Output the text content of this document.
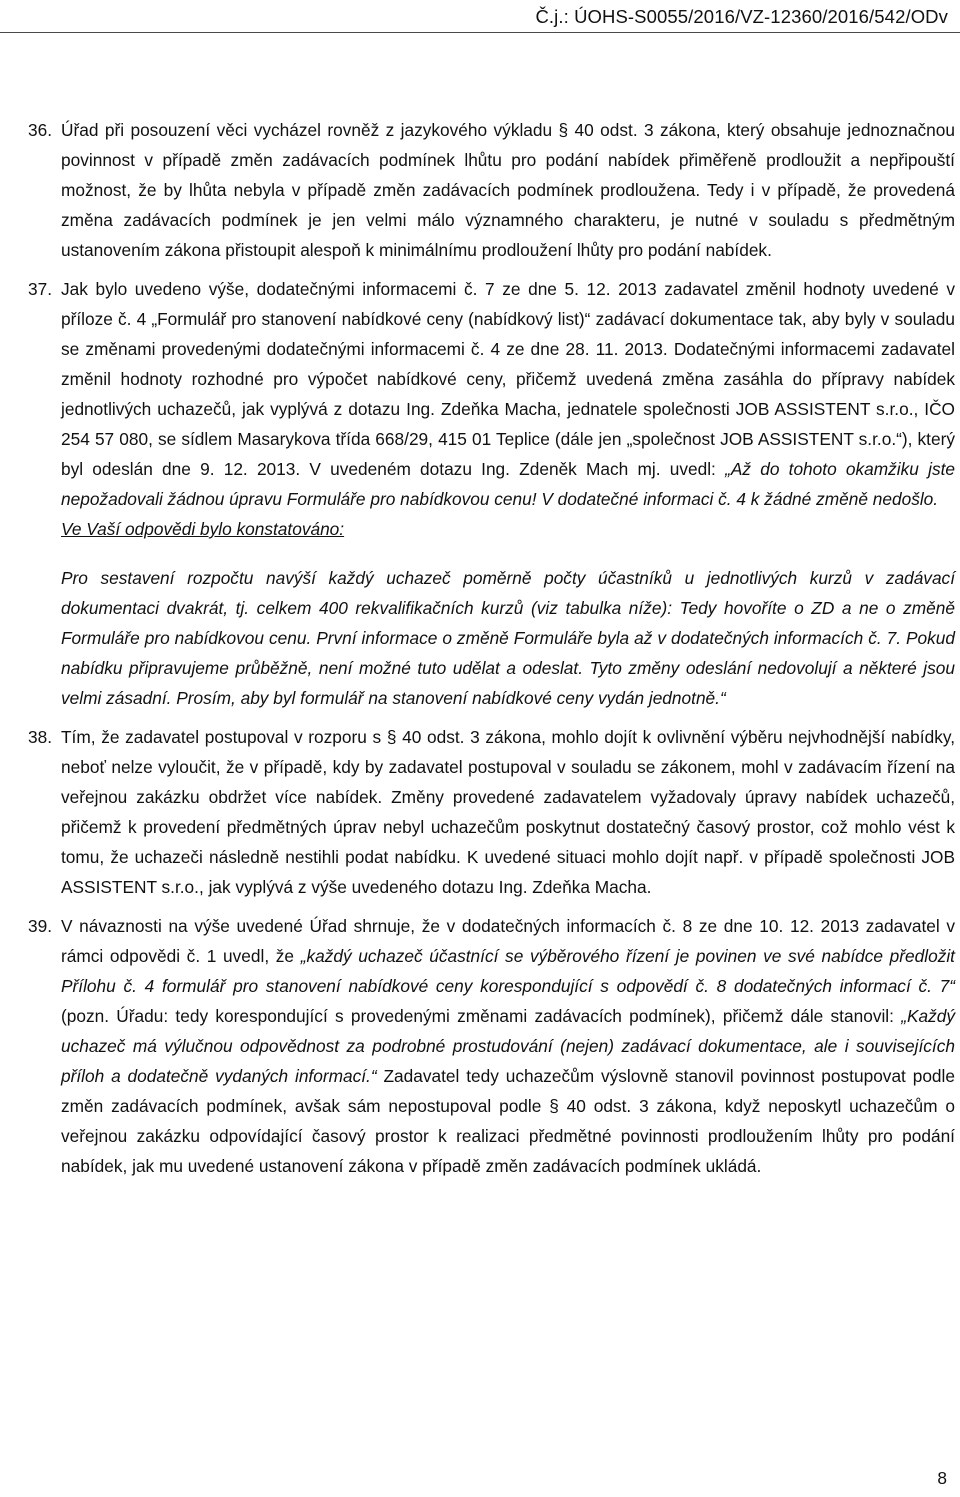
Č.j.: ÚOHS-S0055/2016/VZ-12360/2016/542/ODv
36. Úřad při posouzení věci vycházel rovněž z jazykového výkladu § 40 odst. 3 zákona, který obsahuje jednoznačnou povinnost v případě změn zadávacích podmínek lhůtu pro podání nabídek přiměřeně prodloužit a nepřipouští možnost, že by lhůta nebyla v případě změn zadávacích podmínek prodloužena. Tedy i v případě, že provedená změna zadávacích podmínek je jen velmi málo významného charakteru, je nutné v souladu s předmětným ustanovením zákona přistoupit alespoň k minimálnímu prodloužení lhůty pro podání nabídek.
37. Jak bylo uvedeno výše, dodatečnými informacemi č. 7 ze dne 5. 12. 2013 zadavatel změnil hodnoty uvedené v příloze č. 4 „Formulář pro stanovení nabídkové ceny (nabídkový list)“ zadávací dokumentace tak, aby byly v souladu se změnami provedenými dodatečnými informacemi č. 4 ze dne 28. 11. 2013. Dodatečnými informacemi zadavatel změnil hodnoty rozhodné pro výpočet nabídkové ceny, přičemž uvedená změna zasáhla do přípravy nabídek jednotlivých uchazečů, jak vyplývá z dotazu Ing. Zdeňka Macha, jednatele společnosti JOB ASSISTENT s.r.o., IČO 254 57 080, se sídlem Masarykova třída 668/29, 415 01 Teplice (dále jen „společnost JOB ASSISTENT s.r.o.“), který byl odeslán dne 9. 12. 2013. V uvedeném dotazu Ing. Zdeněk Mach mj. uvedl: „Až do tohoto okamžiku jste nepožadovali žádnou úpravu Formuláře pro nabídkovou cenu! V dodatečné informaci č. 4 k žádné změně nedošlo.
Ve Vaší odpovědi bylo konstatováno:
Pro sestavení rozpočtu navýší každý uchazeč poměrně počty účastníků u jednotlivých kurzů v zadávací dokumentaci dvakrát, tj. celkem 400 rekvalifikačních kurzů (viz tabulka níže): Tedy hovoříte o ZD a ne o změně Formuláře pro nabídkovou cenu. První informace o změně Formuláře byla až v dodatečných informacích č. 7. Pokud nabídku připravujeme průběžně, není možné tuto udělat a odeslat. Tyto změny odeslání nedovolují a některé jsou velmi zásadní. Prosím, aby byl formulář na stanovení nabídkové ceny vydán jednotně.“
38. Tím, že zadavatel postupoval v rozporu s § 40 odst. 3 zákona, mohlo dojít k ovlivnění výběru nejvhodnější nabídky, neboť nelze vyloučit, že v případě, kdy by zadavatel postupoval v souladu se zákonem, mohl v zadávacím řízení na veřejnou zakázku obdržet více nabídek. Změny provedené zadavatelem vyžadovaly úpravy nabídek uchazečů, přičemž k provedení předmětných úprav nebyl uchazečům poskytnut dostatečný časový prostor, což mohlo vést k tomu, že uchazeči následně nestihli podat nabídku. K uvedené situaci mohlo dojít např. v případě společnosti JOB ASSISTENT s.r.o., jak vyplývá z výše uvedeného dotazu Ing. Zdeňka Macha.
39. V návaznosti na výše uvedené Úřad shrnuje, že v dodatečných informacích č. 8 ze dne 10. 12. 2013 zadavatel v rámci odpovědi č. 1 uvedl, že „každý uchazeč účastnící se výběrového řízení je povinen ve své nabídce předložit Přílohu č. 4 formulář pro stanovení nabídkové ceny korespondující s odpovědí č. 8 dodatečných informací č. 7“ (pozn. Úřadu: tedy korespondující s provedenými změnami zadávacích podmínek), přičemž dále stanovil: „Každý uchazeč má výlučnou odpovědnost za podrobné prostudování (nejen) zadávací dokumentace, ale i souvisejících příloh a dodatečně vydaných informací.“ Zadavatel tedy uchazečům výslovně stanovil povinnost postupovat podle změn zadávacích podmínek, avšak sám nepostupoval podle § 40 odst. 3 zákona, když neposkytl uchazečům o veřejnou zakázku odpovídající časový prostor k realizaci předmětné povinnosti prodloužením lhůty pro podání nabídek, jak mu uvedené ustanovení zákona v případě změn zadávacích podmínek ukládá.
8
